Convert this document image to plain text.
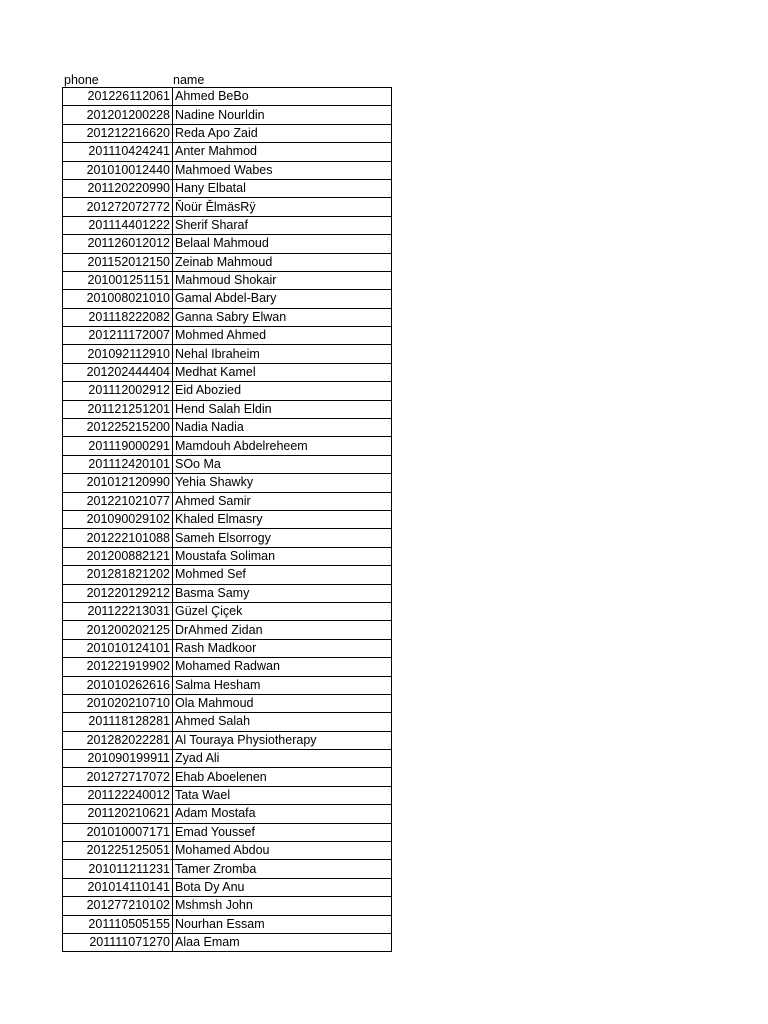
phone	name
201226112061	Ahmed BeBo
201201200228	Nadine Nourldin
201212216620	Reda Apo Zaid
201110424241	Anter Mahmod
201010012440	Mahmoed Wabes
201120220990	Hany Elbatal
201272072772	Ňoür ĚlmäsRÿ
201114401222	Sherif Sharaf
201126012012	Belaal Mahmoud
201152012150	Zeinab Mahmoud
201001251151	Mahmoud Shokair
201008021010	Gamal Abdel-Bary
201118222082	Ganna Sabry Elwan
201211172007	Mohmed Ahmed
201092112910	Nehal Ibraheim
201202444404	Medhat Kamel
201112002912	Eid Abozied
201121251201	Hend Salah Eldin
201225215200	Nadia Nadia
201119000291	Mamdouh Abdelreheem
201112420101	SOo Ma
201012120990	Yehia Shawky
201221021077	Ahmed Samir
201090029102	Khaled Elmasry
201222101088	Sameh Elsorrogy
201200882121	Moustafa Soliman
201281821202	Mohmed Sef
201220129212	Basma Samy
201122213031	Güzel Çiçek
201200202125	DrAhmed Zidan
201010124101	Rash Madkoor
201221919902	Mohamed Radwan
201010262616	Salma Hesham
201020210710	Ola Mahmoud
201118128281	Ahmed Salah
201282022281	Al Touraya Physiotherapy
201090199911	Zyad Ali
201272717072	Ehab Aboelenen
201122240012	Tata Wael
201120210621	Adam Mostafa
201010007171	Emad Youssef
201225125051	Mohamed Abdou
201011211231	Tamer Zromba
201014110141	Bota Dy Anu
201277210102	Mshmsh John
201110505155	Nourhan Essam
201111071270	Alaa Emam
